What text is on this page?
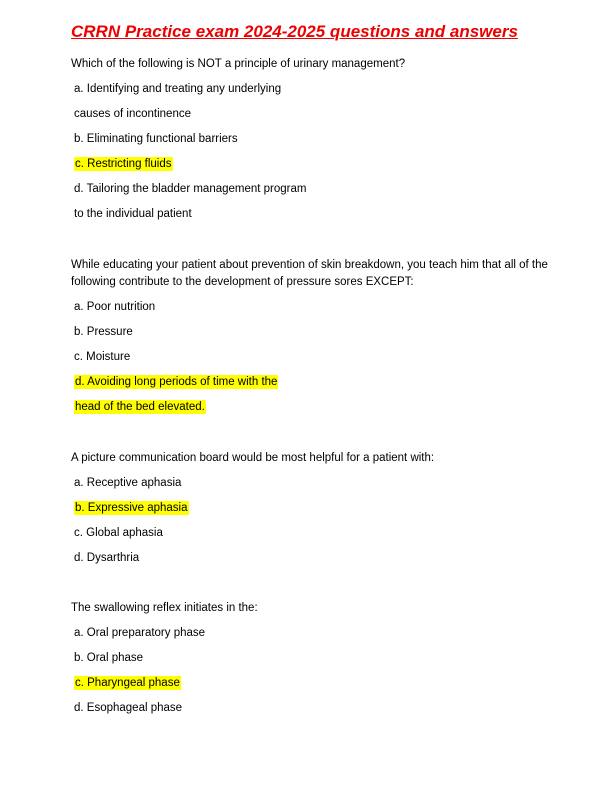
CRRN Practice exam 2024-2025 questions and answers
Which of the following is NOT a principle of urinary management?
a. Identifying and treating any underlying
causes of incontinence
b. Eliminating functional barriers
c. Restricting fluids
d. Tailoring the bladder management program
to the individual patient
While educating your patient about prevention of skin breakdown, you teach him that all of the
following contribute to the development of pressure sores EXCEPT:
a. Poor nutrition
b. Pressure
c. Moisture
d. Avoiding long periods of time with the
head of the bed elevated.
A picture communication board would be most helpful for a patient with:
a. Receptive aphasia
b. Expressive aphasia
c. Global aphasia
d. Dysarthria
The swallowing reflex initiates in the:
a. Oral preparatory phase
b. Oral phase
c. Pharyngeal phase
d. Esophageal phase
